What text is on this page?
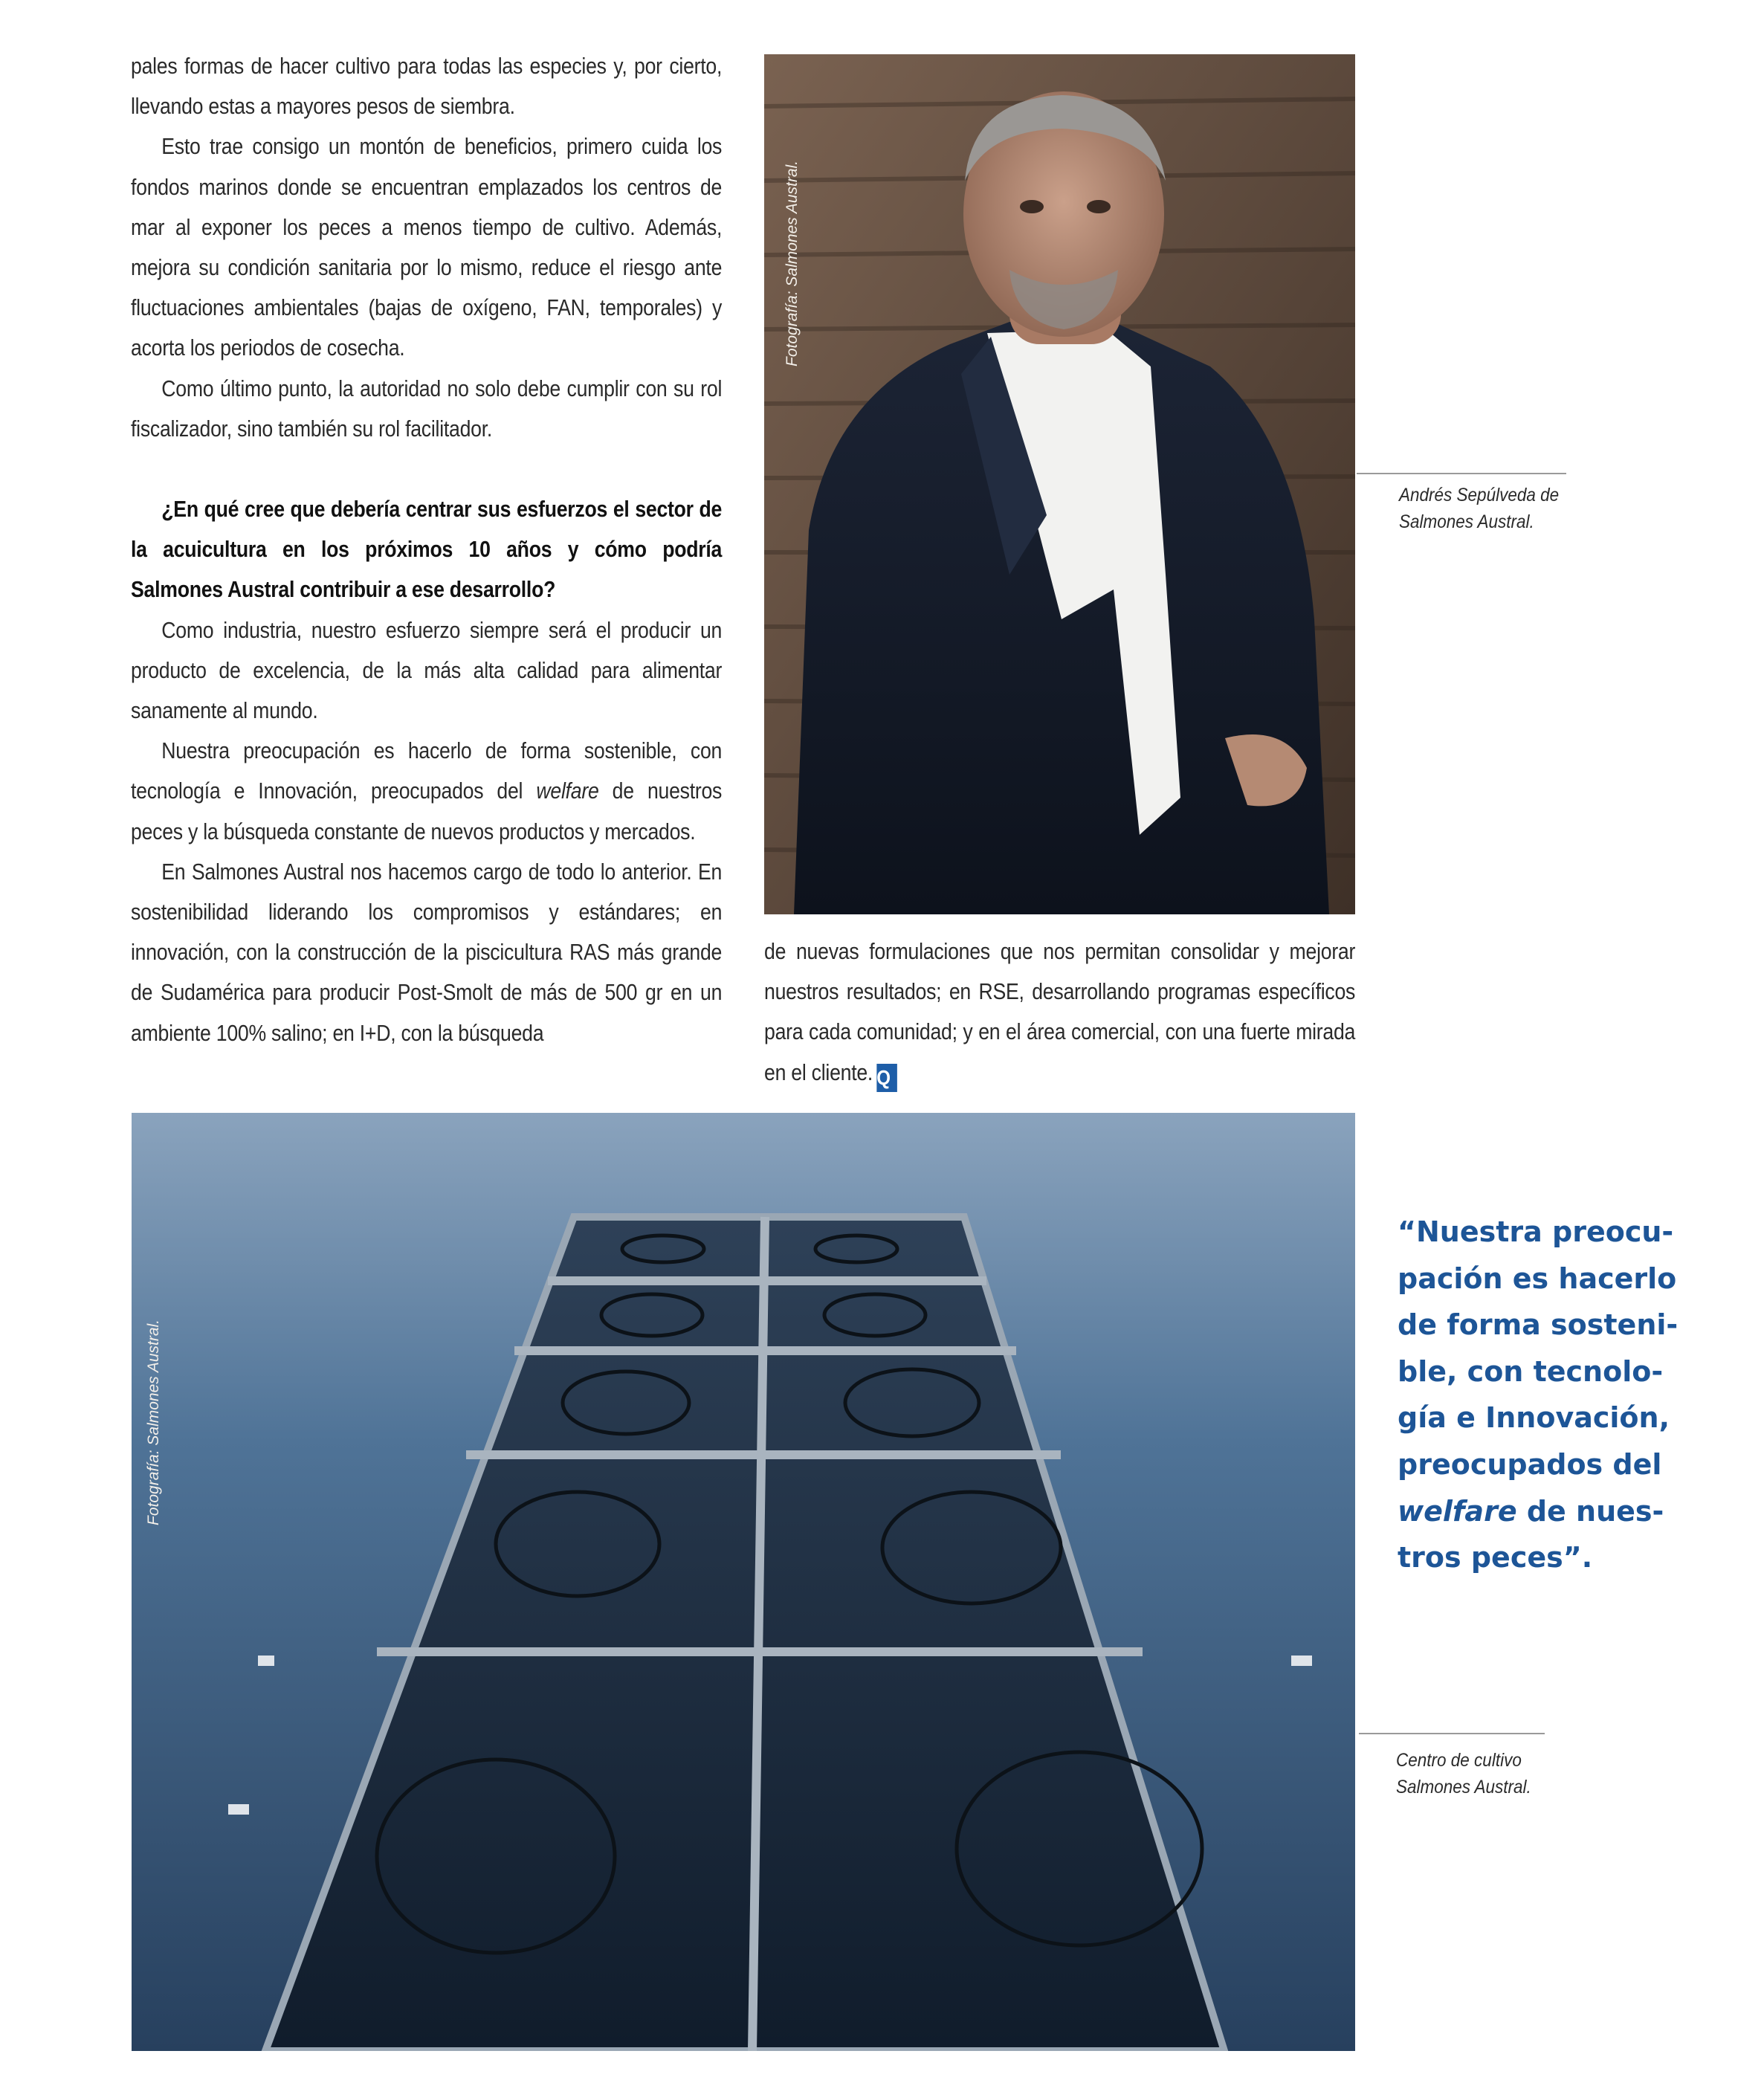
pales formas de hacer cultivo para todas las especies y, por cierto, llevando estas a mayores pesos de siembra.

Esto trae consigo un montón de beneficios, primero cuida los fondos marinos donde se encuentran emplazados los centros de mar al exponer los peces a menos tiempo de cultivo. Además, mejora su condición sanitaria por lo mismo, reduce el riesgo ante fluctuaciones ambientales (bajas de oxígeno, FAN, temporales) y acorta los periodos de cosecha.

Como último punto, la autoridad no solo debe cumplir con su rol fiscalizador, sino también su rol facilitador.

¿En qué cree que debería centrar sus esfuerzos el sector de la acuicultura en los próximos 10 años y cómo podría Salmones Austral contribuir a ese desarrollo?

Como industria, nuestro esfuerzo siempre será el producir un producto de excelencia, de la más alta calidad para alimentar sanamente al mundo.

Nuestra preocupación es hacerlo de forma sostenible, con tecnología e Innovación, preocupados del welfare de nuestros peces y la búsqueda constante de nuevos productos y mercados.

En Salmones Austral nos hacemos cargo de todo lo anterior. En sostenibilidad liderando los compromisos y estándares; en innovación, con la construcción de la piscicultura RAS más grande de Sudamérica para producir Post-Smolt de más de 500 gr en un ambiente 100% salino; en I+D, con la búsqueda

Fotografía: Salmones Austral.
Andrés Sepúlveda de
Salmones Austral.

de nuevas formulaciones que nos permitan consolidar y mejorar nuestros resultados; en RSE, desarrollando programas específicos para cada comunidad; y en el área comercial, con una fuerte mirada en el cliente. Q

Fotografía: Salmones Austral.
“Nuestra preocu-
pación es hacerlo
de forma sosteni-
ble, con tecnolo-
gía e Innovación,
preocupados del
welfare de nues-
tros peces”.
Centro de cultivo
Salmones Austral.
